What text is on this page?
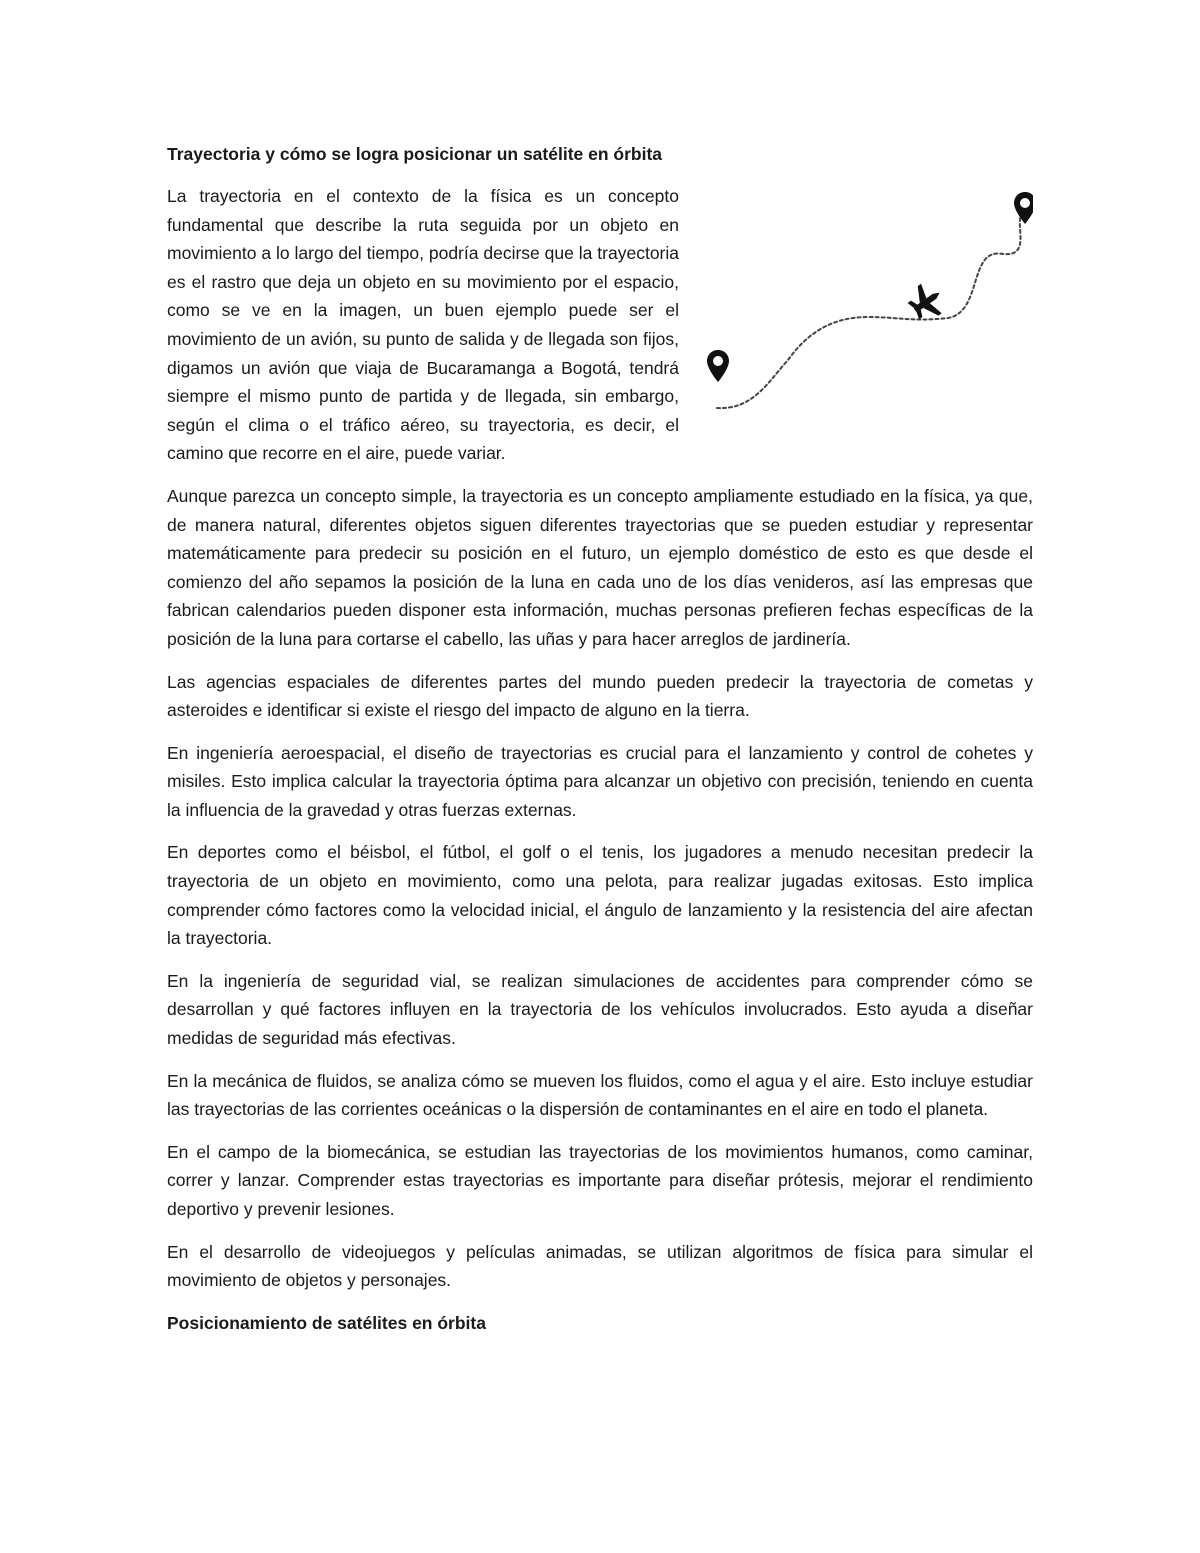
Trayectoria y cómo se logra posicionar un satélite en órbita

La trayectoria en el contexto de la física es un concepto fundamental que describe la ruta seguida por un objeto en movimiento a lo largo del tiempo, podría decirse que la trayectoria es el rastro que deja un objeto en su movimiento por el espacio, como se ve en la imagen, un buen ejemplo puede ser el movimiento de un avión, su punto de salida y de llegada son fijos, digamos un avión que viaja de Bucaramanga a Bogotá, tendrá siempre el mismo punto de partida y de llegada, sin embargo, según el clima o el tráfico aéreo, su trayectoria, es decir, el camino que recorre en el aire, puede variar.

Aunque parezca un concepto simple, la trayectoria es un concepto ampliamente estudiado en la física, ya que, de manera natural, diferentes objetos siguen diferentes trayectorias que se pueden estudiar y representar matemáticamente para predecir su posición en el futuro, un ejemplo doméstico de esto es que desde el comienzo del año sepamos la posición de la luna en cada uno de los días venideros, así las empresas que fabrican calendarios pueden disponer esta información, muchas personas prefieren fechas específicas de la posición de la luna para cortarse el cabello, las uñas y para hacer arreglos de jardinería.

Las agencias espaciales de diferentes partes del mundo pueden predecir la trayectoria de cometas y asteroides e identificar si existe el riesgo del impacto de alguno en la tierra.

En ingeniería aeroespacial, el diseño de trayectorias es crucial para el lanzamiento y control de cohetes y misiles. Esto implica calcular la trayectoria óptima para alcanzar un objetivo con precisión, teniendo en cuenta la influencia de la gravedad y otras fuerzas externas.

En deportes como el béisbol, el fútbol, el golf o el tenis, los jugadores a menudo necesitan predecir la trayectoria de un objeto en movimiento, como una pelota, para realizar jugadas exitosas. Esto implica comprender cómo factores como la velocidad inicial, el ángulo de lanzamiento y la resistencia del aire afectan la trayectoria.

En la ingeniería de seguridad vial, se realizan simulaciones de accidentes para comprender cómo se desarrollan y qué factores influyen en la trayectoria de los vehículos involucrados. Esto ayuda a diseñar medidas de seguridad más efectivas.

En la mecánica de fluidos, se analiza cómo se mueven los fluidos, como el agua y el aire. Esto incluye estudiar las trayectorias de las corrientes oceánicas o la dispersión de contaminantes en el aire en todo el planeta.

En el campo de la biomecánica, se estudian las trayectorias de los movimientos humanos, como caminar, correr y lanzar. Comprender estas trayectorias es importante para diseñar prótesis, mejorar el rendimiento deportivo y prevenir lesiones.

En el desarrollo de videojuegos y películas animadas, se utilizan algoritmos de física para simular el movimiento de objetos y personajes.

Posicionamiento de satélites en órbita
